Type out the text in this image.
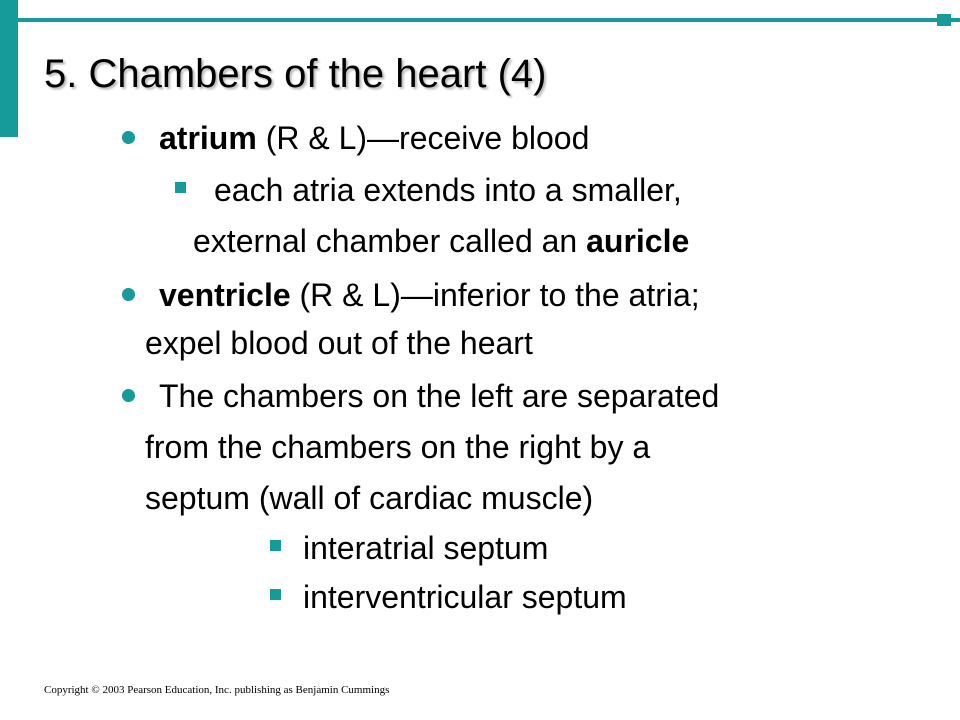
5. Chambers of the heart (4)
atrium (R & L)—receive blood
each atria extends into a smaller,
external chamber called an auricle
ventricle (R & L)—inferior to the atria;
expel blood out of the heart
The chambers on the left are separated
from the chambers on the right by a
septum (wall of cardiac muscle)
interatrial septum
interventricular septum

Copyright © 2003 Pearson Education, Inc. publishing as Benjamin Cummings
